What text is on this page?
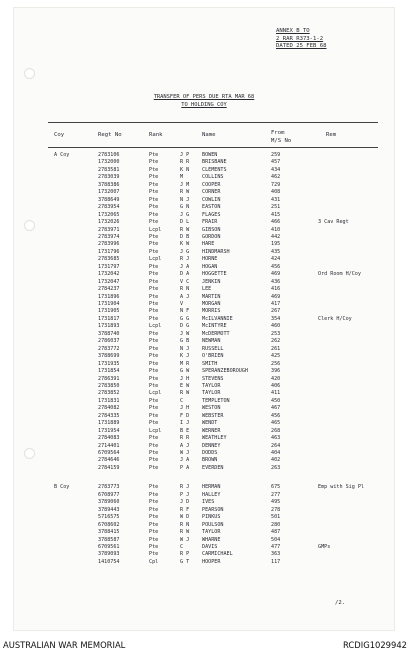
ANNEX B TO
2 RAR R373-1-2
DATED 25 FEB 68
TRANSFER OF PERS DUE RTA MAR 68
TO HOLDING COY
Coy	Regt No	Rank	Name	From
M/S No
Rem
A Coy	2783106	Pte	J P	BOWEN	259
1732000	Pte	R R	BRISBANE	457
2783581	Pte	K N	CLEMENTS	434
2783039	Pte	M	COLLINS	462
3788386	Pte	J M	COOPER	729
1732007	Pte	R W	CORNER	408
3788649	Pte	N J	COWLIN	431
2783954	Pte	G N	EASTON	251
1732065	Pte	J G	FLAGES	415
1732026	Pte	D L	FRAIR	466	3 Cav Regt
2783971	Lcpl	R W	GIBSON	410
2783974	Pte	D B	GORDON	442
2783996	Pte	K W	HARE	195
1731796	Pte	J G	HINDMARSH	435
2783685	Lcpl	R J	HORNE	424
1731797	Pte	J A	HOGAN	456
1732042	Pte	D A	HOGGETTE	469	Ord Room H/Coy
1732047	Pte	V C	JENKIN	436
2784237	Pte	R N	LEE	416
1731896	Pte	A J	MARTIN	469
1731904	Pte	V	MORGAN	417
1731905	Pte	N F	MORRIS	267
1731817	Pte	G G	McILVANNIE	354	Clerk H/Coy
1731893	Lcpl	D G	McINTYRE	460
3788740	Pte	J W	McDERMOTT	253
2786037	Pte	G B	NEWMAN	262
2783772	Pte	N J	RUSSELL	261
3788699	Pte	K J	O'BRIEN	425
1731935	Pte	M R	SMITH	256
1731854	Pte	G W	SPERANZEBOROUGH	396
2786391	Pte	J H	STEVENS	420
2783850	Pte	E W	TAYLOR	406
2783852	Lcpl	R W	TAYLOR	411
1731831	Pte	C	TEMPLETON	450
2784082	Pte	J H	WESTON	467
2784335	Pte	F D	WEBSTER	456
1731889	Pte	I J	WENDT	465
1731954	Lcpl	B E	WERNER	268
2784083	Pte	R R	WEATHLEY	463
2714401	Pte	A J	DENNEY	264
6709564	Pte	W J	DODDS	404
2784646	Pte	J A	BROWN	402
2784159	Pte	P A	EVERDEN	263
B Coy	2783773	Pte	R J	HERMAN	675	Emp with Sig Pl
6708977	Pte	P J	HALLEY	277
3789060	Pte	J D	IVES	495
3789443	Pte	R F	PEARSON	278
5716575	Pte	W D	PINKUS	501
6708602	Pte	R N	POULSON	280
3788415	Pte	R W	TAYLOR	487
3788587	Pte	W J	WHARNE	504
6709561	Pte	C	DAVIS	477	GMPs
3789093	Pte	R P	CARMICHAEL	363
1410754	Cpl	G T	HOOPER	117
/2.
AUSTRALIAN WAR MEMORIAL	RCDIG1029942
